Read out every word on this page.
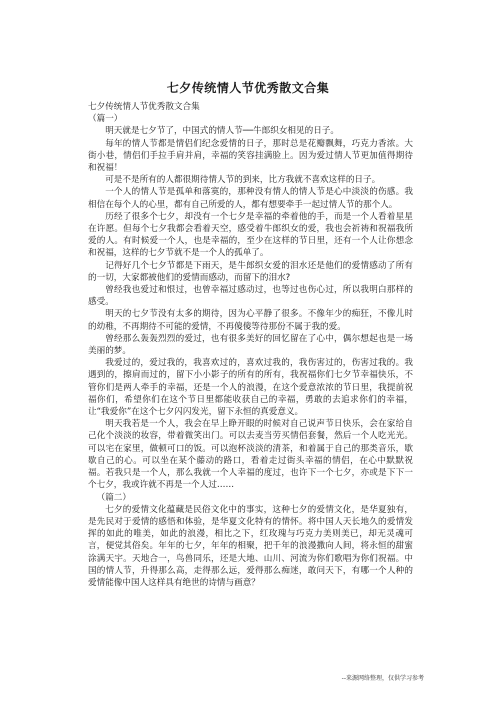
七夕传统情人节优秀散文合集

七夕传统情人节优秀散文合集

（篇一）

明天就是七夕节了，中国式的情人节──牛郎织女相见的日子。

每年的情人节都是情侣们纪念爱情的日子，那时总是花瓣飘舞，巧克力香浓。大街小巷，情侣们手拉手肩并肩，幸福的笑容挂满脸上。因为爱过情人节更加值得期待和祝福！

可是不是所有的人都很期待情人节的到来，比方我就不喜欢这样的日子。

一个人的情人节是孤单和落寞的，那种没有情人的情人节是心中淡淡的伤感。我相信在每个人的心里，都有自己所爱的人，都有想要牵手一起过情人节的那个人。

历经了很多个七夕，却没有一个七夕是幸福的牵着他的手，而是一个人看着星星在许愿。但每个七夕我都会看着天空，感受着牛郎织女的爱，我也会祈祷和祝福我所爱的人。有时候爱一个人，也是幸福的，至少在这样的节日里，还有一个人让你想念和祝福，这样的七夕节就不是一个人的孤单了。

记得好几个七夕节都是下雨天，是牛郎织女爱的泪水还是他们的爱情感动了所有的一切，大家都被他们的爱情而感动，而留下的泪水?

曾经我也爱过和恨过，也曾幸福过感动过，也等过也伤心过，所以我明白那样的感受。

明天的七夕节没有太多的期待，因为心平静了很多。不像年少的痴狂，不像儿时的幼稚，不再期待不可能的爱情，不再傻傻等待那份不属于我的爱。

曾经那么轰轰烈烈的爱过，也有很多美好的回忆留在了心中，偶尔想起也是一场美丽的梦。

我爱过的，爱过我的，我喜欢过的，喜欢过我的，我伤害过的，伤害过我的。我遇到的，擦肩而过的，留下小小影子的所有的所有，我祝福你们七夕节幸福快乐，不管你们是两人牵手的幸福，还是一个人的浪漫，在这个爱意浓浓的节日里，我提前祝福你们，希望你们在这个节日里都能收获自己的幸福，勇敢的去追求你们的幸福，让“我爱你”在这个七夕闪闪发光，留下永恒的真爱意义。

明天我若是一个人，我会在早上睁开眼的时候对自己说声节日快乐，会在家给自己化个淡淡的妆容，带着微笑出门。可以去麦当劳买情侣套餐，然后一个人吃光光。可以宅在家里，做顿可口的饭。可以泡杯淡淡的清茶，和着属于自己的那类音乐，歇歇自己的心。可以坐在某个藤动的路口，看着走过街头幸福的情侣，在心中默默祝福。若我只是一个人，那么我就一个人幸福的度过，也许下一个七夕，亦或是下下一个七夕，我或许就不再是一个人过……

（篇二）

七夕的爱情文化蕴藏是民俗文化中的事实，这种七夕的爱情文化，是华夏独有，是先民对于爱情的感悟和体验，是华夏文化特有的情怀。将中国人天长地久的爱情发挥的如此的唯美，如此的浪漫，相比之下，红玫瑰与巧克力美则美已，却无灵魂可言，便觉其俗矣。年年的七夕，年年的相聚，把千年的浪漫撒向人间，将永恒的甜蜜涂满天宇。天地合一，鸟兽同乐，还是大地、山川、河流为你们歌唱为你们祝福。中国的情人节，升得那么高，走得那么远，爱得那么痴迷，敢问天下，有哪一个人种的爱情能像中国人这样具有绝世的诗情与画意？

--来源网络整理，仅供学习参考
